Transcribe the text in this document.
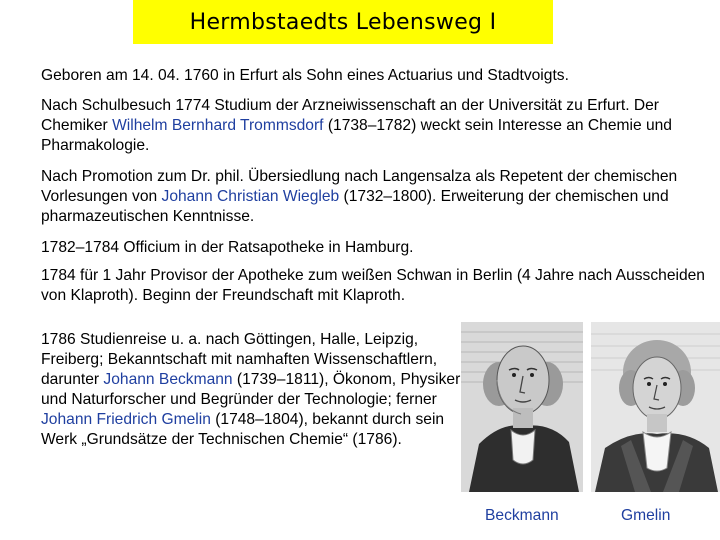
Hermbstaedts Lebensweg I

Geboren am 14. 04. 1760 in Erfurt als Sohn eines Actuarius und Stadtvoigts.

Nach Schulbesuch 1774 Studium der Arzneiwissenschaft an der Universität zu Erfurt. Der Chemiker Wilhelm Bernhard Trommsdorf (1738‒1782) weckt sein Interesse an Chemie und Pharmakologie.

Nach Promotion zum Dr. phil. Übersiedlung nach Langensalza als Repetent der chemischen Vorlesungen von Johann Christian Wiegleb (1732‒1800). Erweiterung der chemischen und pharmazeutischen Kenntnisse.

1782‒1784 Officium in der Ratsapotheke in Hamburg.

1784 für 1 Jahr Provisor der Apotheke zum weißen Schwan in Berlin (4 Jahre nach Ausscheiden von Klaproth). Beginn der Freundschaft mit Klaproth.

1786 Studienreise u. a. nach Göttingen, Halle, Leipzig, Freiberg; Bekanntschaft mit namhaften Wissenschaftlern, darunter Johann Beckmann (1739‒1811), Ökonom, Physiker und Naturforscher und Begründer der Technologie; ferner Johann Friedrich Gmelin (1748‒1804), bekannt durch sein Werk „Grundsätze der Technischen Chemie“ (1786).

Beckmann	Gmelin
